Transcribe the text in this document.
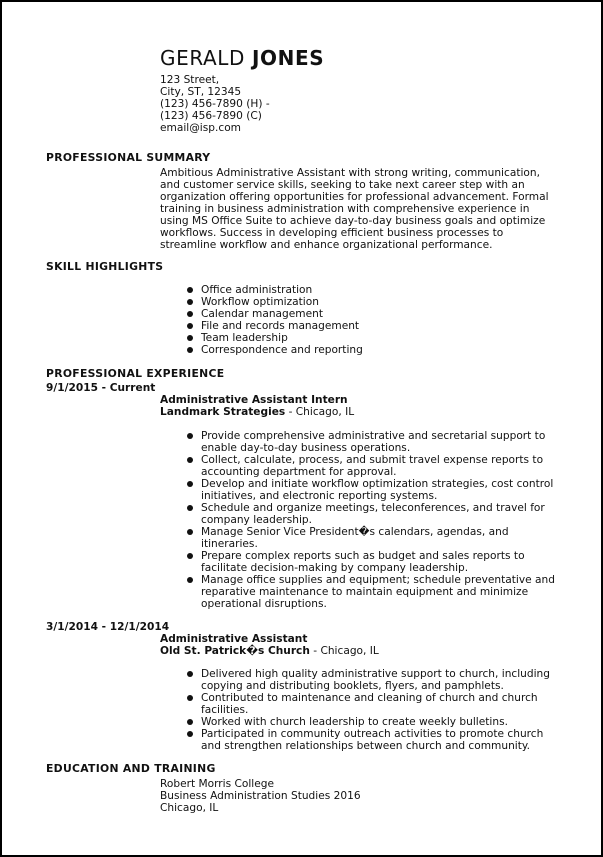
GERALD JONES
123 Street,
City, ST, 12345
(123) 456-7890 (H) -
(123) 456-7890 (C)
email@isp.com
PROFESSIONAL SUMMARY
Ambitious Administrative Assistant with strong writing, communication, and customer service skills, seeking to take next career step with an organization offering opportunities for professional advancement. Formal training in business administration with comprehensive experience in using MS Office Suite to achieve day-to-day business goals and optimize workflows. Success in developing efficient business processes to streamline workflow and enhance organizational performance.
SKILL HIGHLIGHTS
Office administration
Workflow optimization
Calendar management
File and records management
Team leadership
Correspondence and reporting
PROFESSIONAL EXPERIENCE
9/1/2015 - Current
Administrative Assistant Intern
Landmark Strategies - Chicago, IL
Provide comprehensive administrative and secretarial support to enable day-to-day business operations.
Collect, calculate, process, and submit travel expense reports to accounting department for approval.
Develop and initiate workflow optimization strategies, cost control initiatives, and electronic reporting systems.
Schedule and organize meetings, teleconferences, and travel for company leadership.
Manage Senior Vice President�s calendars, agendas, and itineraries.
Prepare complex reports such as budget and sales reports to facilitate decision-making by company leadership.
Manage office supplies and equipment; schedule preventative and reparative maintenance to maintain equipment and minimize operational disruptions.
3/1/2014 - 12/1/2014
Administrative Assistant
Old St. Patrick�s Church - Chicago, IL
Delivered high quality administrative support to church, including copying and distributing booklets, flyers, and pamphlets.
Contributed to maintenance and cleaning of church and church facilities.
Worked with church leadership to create weekly bulletins.
Participated in community outreach activities to promote church and strengthen relationships between church and community.
EDUCATION AND TRAINING
Robert Morris College
Business Administration Studies 2016
Chicago, IL
